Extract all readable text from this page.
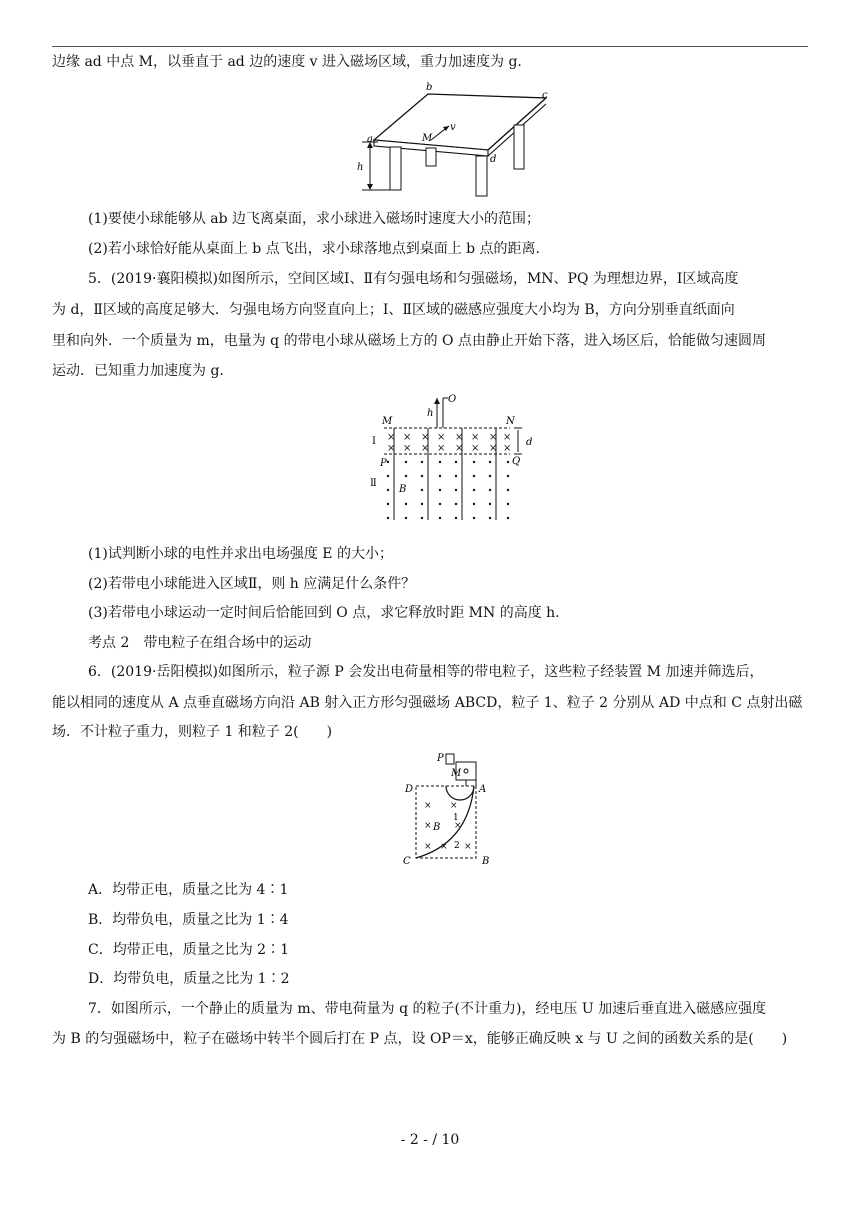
边缘 ad 中点 M，以垂直于 ad 边的速度 v 进入磁场区域，重力加速度为 g.
a
b
c
d
M
v
h
(1)要使小球能够从 ab 边飞离桌面，求小球进入磁场时速度大小的范围；
(2)若小球恰好能从桌面上 b 点飞出，求小球落地点到桌面上 b 点的距离.
5．(2019·襄阳模拟)如图所示，空间区域Ⅰ、Ⅱ有匀强电场和匀强磁场，MN、PQ 为理想边界，Ⅰ区域高度
为 d，Ⅱ区域的高度足够大．匀强电场方向竖直向上；Ⅰ、Ⅱ区域的磁感应强度大小均为 B，方向分别垂直纸面向
里和向外．一个质量为 m，电量为 q 的带电小球从磁场上方的 O 点由静止开始下落，进入场区后，恰能做匀速圆周
运动．已知重力加速度为 g.
O
h
M	N
P	Q
Ⅰ
Ⅱ
d
B
× × × × × × × ×
× × × × × × × ×
(1)试判断小球的电性并求出电场强度 E 的大小；
(2)若带电小球能进入区域Ⅱ，则 h 应满足什么条件？
(3)若带电小球运动一定时间后恰能回到 O 点，求它释放时距 MN 的高度 h.
考点 2　带电粒子在组合场中的运动
6．(2019·岳阳模拟)如图所示，粒子源 P 会发出电荷量相等的带电粒子，这些粒子经装置 M 加速并筛选后，
能以相同的速度从 A 点垂直磁场方向沿 AB 射入正方形匀强磁场 ABCD，粒子 1、粒子 2 分别从 AD 中点和 C 点射出磁
场．不计粒子重力，则粒子 1 和粒子 2(　　)
P
M
D	A
C	B
× ×
× ×
× × ×
B
1
2
A．均带正电，质量之比为 4∶1
B．均带负电，质量之比为 1∶4
C．均带正电，质量之比为 2∶1
D．均带负电，质量之比为 1∶2
7．如图所示，一个静止的质量为 m、带电荷量为 q 的粒子(不计重力)，经电压 U 加速后垂直进入磁感应强度
为 B 的匀强磁场中，粒子在磁场中转半个圆后打在 P 点，设 OP＝x，能够正确反映 x 与 U 之间的函数关系的是(　　)
- 2 - / 10
